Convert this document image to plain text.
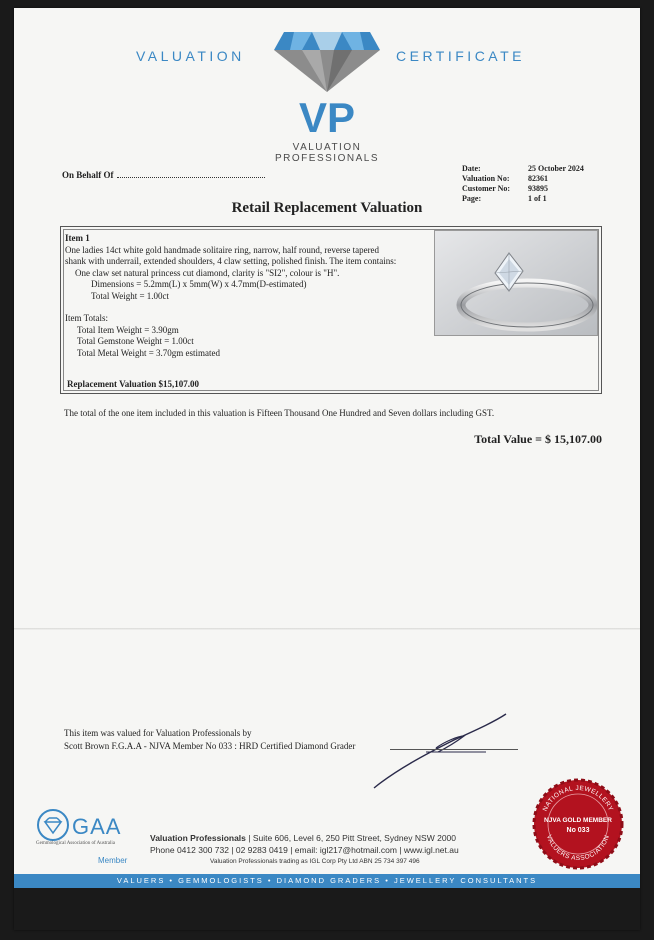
VALUATION	CERTIFICATE
VP
VALUATION
PROFESSIONALS
On Behalf Of
Date:	25 October 2024
Valuation No:	82361
Customer No:	93895
Page:	1 of 1
Retail Replacement Valuation
Item 1
One ladies 14ct white gold handmade solitaire ring, narrow, half round, reverse tapered
shank with underrail, extended shoulders, 4 claw setting, polished finish. The item contains:
One claw set natural princess cut diamond, clarity is "SI2", colour is "H".
Dimensions = 5.2mm(L) x 5mm(W) x 4.7mm(D-estimated)
Total Weight = 1.00ct
Item Totals:
Total Item Weight = 3.90gm
Total Gemstone Weight = 1.00ct
Total Metal Weight = 3.70gm estimated
Replacement Valuation $15,107.00
The total of the one item included in this valuation is Fifteen Thousand One Hundred and Seven dollars including GST.
Total Value = $ 15,107.00
This item was valued for Valuation Professionals by
Scott Brown F.G.A.A - NJVA Member No 033 : HRD Certified Diamond Grader
GAA
Gemmological Association of Australia
Member
Valuation Professionals | Suite 606, Level 6, 250 Pitt Street, Sydney NSW 2000
Phone 0412 300 732 | 02 9283 0419 | email: igl217@hotmail.com | www.igl.net.au
Valuation Professionals trading as IGL Corp Pty Ltd ABN 25 734 397 496
NATIONAL JEWELLERY
VALUERS ASSOCIATION
NJVA GOLD MEMBER
No 033
VALUERS • GEMMOLOGISTS • DIAMOND GRADERS • JEWELLERY CONSULTANTS
